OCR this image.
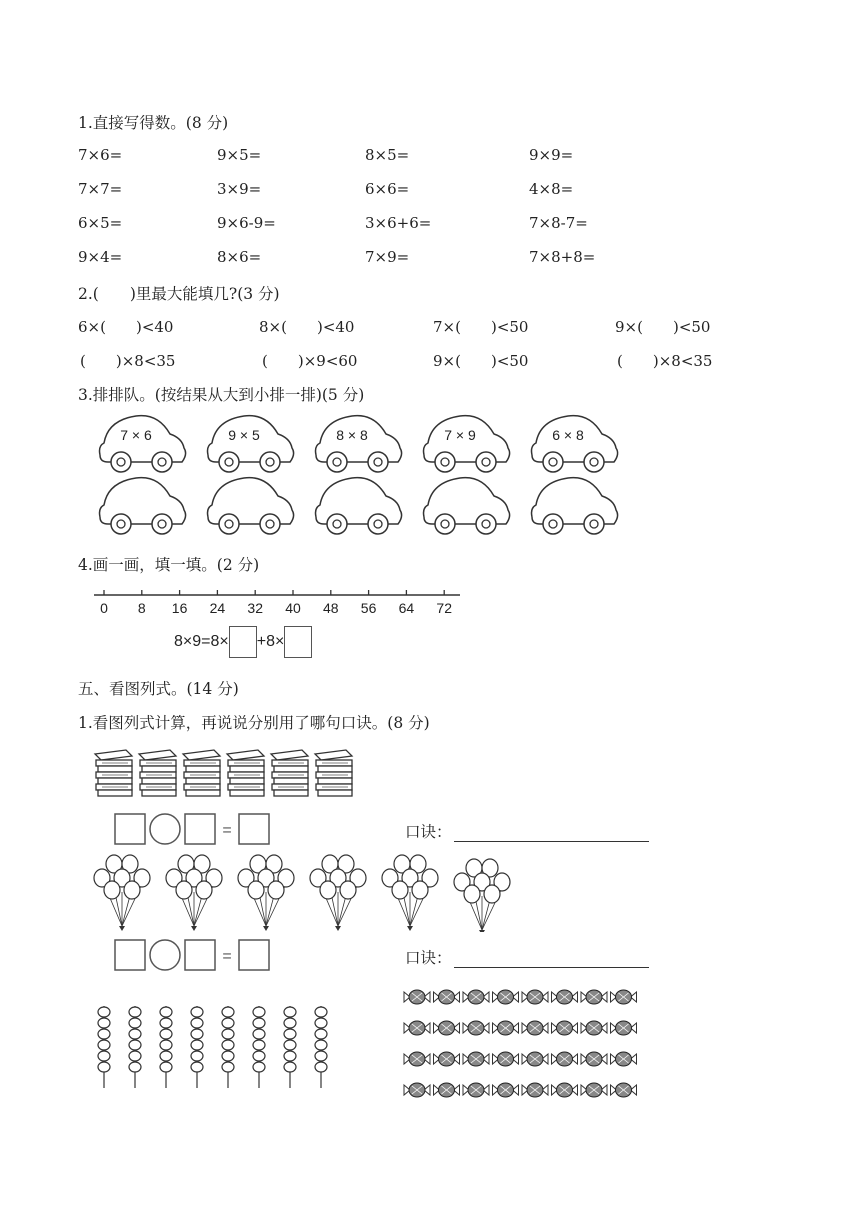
1.直接写得数。(8 分)
7×6=	9×5=	8×5=	9×9=
7×7=	3×9=	6×6=	4×8=
6×5=	9×6-9=	3×6+6=	7×8-7=
9×4=	8×6=	7×9=	7×8+8=
2.(　　)里最大能填几?(3 分)
6×(　　)<40	8×(　　)<40	7×(　　)<50	9×(　　)<50
(　　)×8<35	(　　)×9<60	9×(　　)<50	(　　)×8<35
3.排排队。(按结果从大到小排一排)(5 分)
7 × 6	9 × 5	8 × 8	7 × 9	6 × 8
4.画一画，填一填。(2 分)
0 8 16 24 32 40 48 56 64 72
8×9=8× +8×
五、看图列式。(14 分)
1.看图列式计算，再说说分别用了哪句口诀。(8 分)
=	口诀：
=	口诀：
